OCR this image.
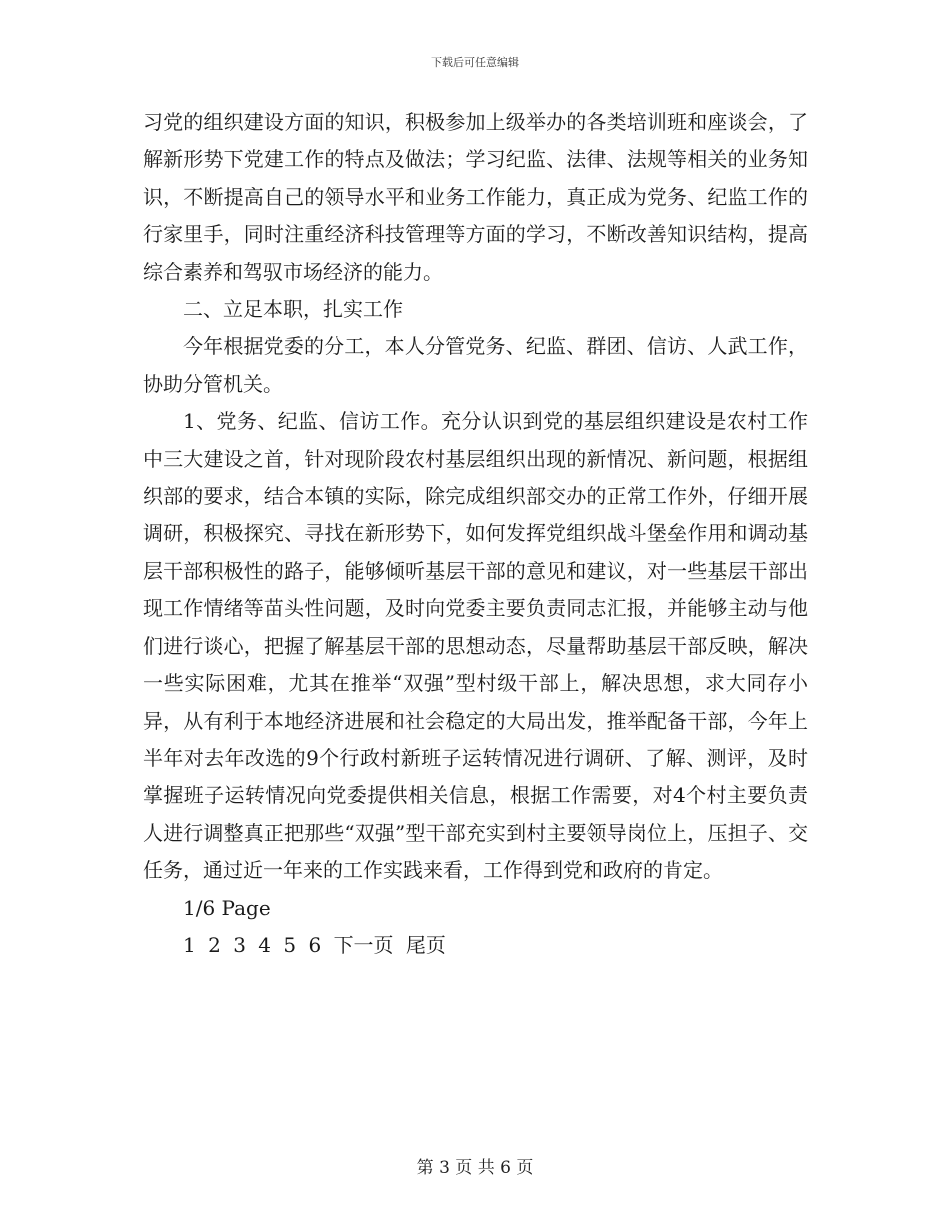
下载后可任意编辑

习党的组织建设方面的知识，积极参加上级举办的各类培训班和座谈会，了解新形势下党建工作的特点及做法；学习纪监、法律、法规等相关的业务知识，不断提高自己的领导水平和业务工作能力，真正成为党务、纪监工作的行家里手，同时注重经济科技管理等方面的学习，不断改善知识结构，提高综合素养和驾驭市场经济的能力。

二、立足本职，扎实工作

今年根据党委的分工，本人分管党务、纪监、群团、信访、人武工作，协助分管机关。

1、党务、纪监、信访工作。充分认识到党的基层组织建设是农村工作中三大建设之首，针对现阶段农村基层组织出现的新情况、新问题，根据组织部的要求，结合本镇的实际，除完成组织部交办的正常工作外，仔细开展调研，积极探究、寻找在新形势下，如何发挥党组织战斗堡垒作用和调动基层干部积极性的路子，能够倾听基层干部的意见和建议，对一些基层干部出现工作情绪等苗头性问题，及时向党委主要负责同志汇报，并能够主动与他们进行谈心，把握了解基层干部的思想动态，尽量帮助基层干部反映，解决一些实际困难，尤其在推举“双强”型村级干部上，解决思想，求大同存小异，从有利于本地经济进展和社会稳定的大局出发，推举配备干部，今年上半年对去年改选的9个行政村新班子运转情况进行调研、了解、测评，及时掌握班子运转情况向党委提供相关信息，根据工作需要，对4个村主要负责人进行调整真正把那些“双强”型干部充实到村主要领导岗位上，压担子、交任务，通过近一年来的工作实践来看，工作得到党和政府的肯定。

1/6 Page

1 2 3 4 5 6 下一页 尾页

第 3 页 共 6 页
